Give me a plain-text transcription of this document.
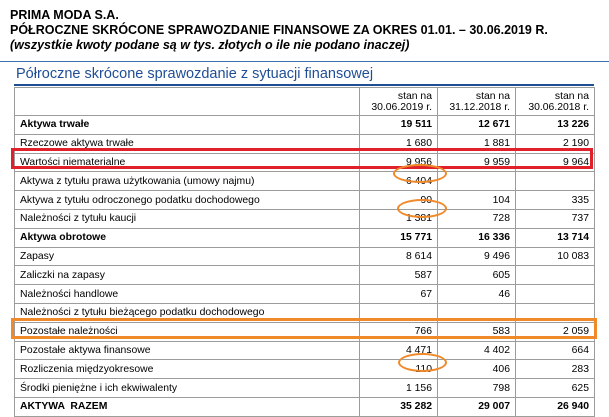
PRIMA MODA S.A.
PÓŁROCZNE SKRÓCONE SPRAWOZDANIE FINANSOWE ZA OKRES 01.01. – 30.06.2019 R.
(wszystkie kwoty podane są w tys. złotych o ile nie podano inaczej)
Półroczne skrócone sprawozdanie z sytuacji finansowej
	stan na
30.06.2019 r.	stan na
31.12.2018 r.	stan na
30.06.2018 r.
Aktywa trwałe	19 511	12 671	13 226
Rzeczowe aktywa trwałe	1 680	1 881	2 190
Wartości niematerialne	9 956	9 959	9 964
Aktywa z tytułu prawa użytkowania (umowy najmu)	6 404		
Aktywa z tytułu odroczonego podatku dochodowego	90	104	335
Należności z tytułu kaucji	1 381	728	737
Aktywa obrotowe	15 771	16 336	13 714
Zapasy	8 614	9 496	10 083
Zaliczki na zapasy	587	605	
Należności handlowe	67	46	
Należności z tytułu bieżącego podatku dochodowego			
Pozostałe należności	766	583	2 059
Pozostałe aktywa finansowe	4 471	4 402	664
Rozliczenia międzyokresowe	110	406	283
Środki pieniężne i ich ekwiwalenty	1 156	798	625
AKTYWA  RAZEM	35 282	29 007	26 940
